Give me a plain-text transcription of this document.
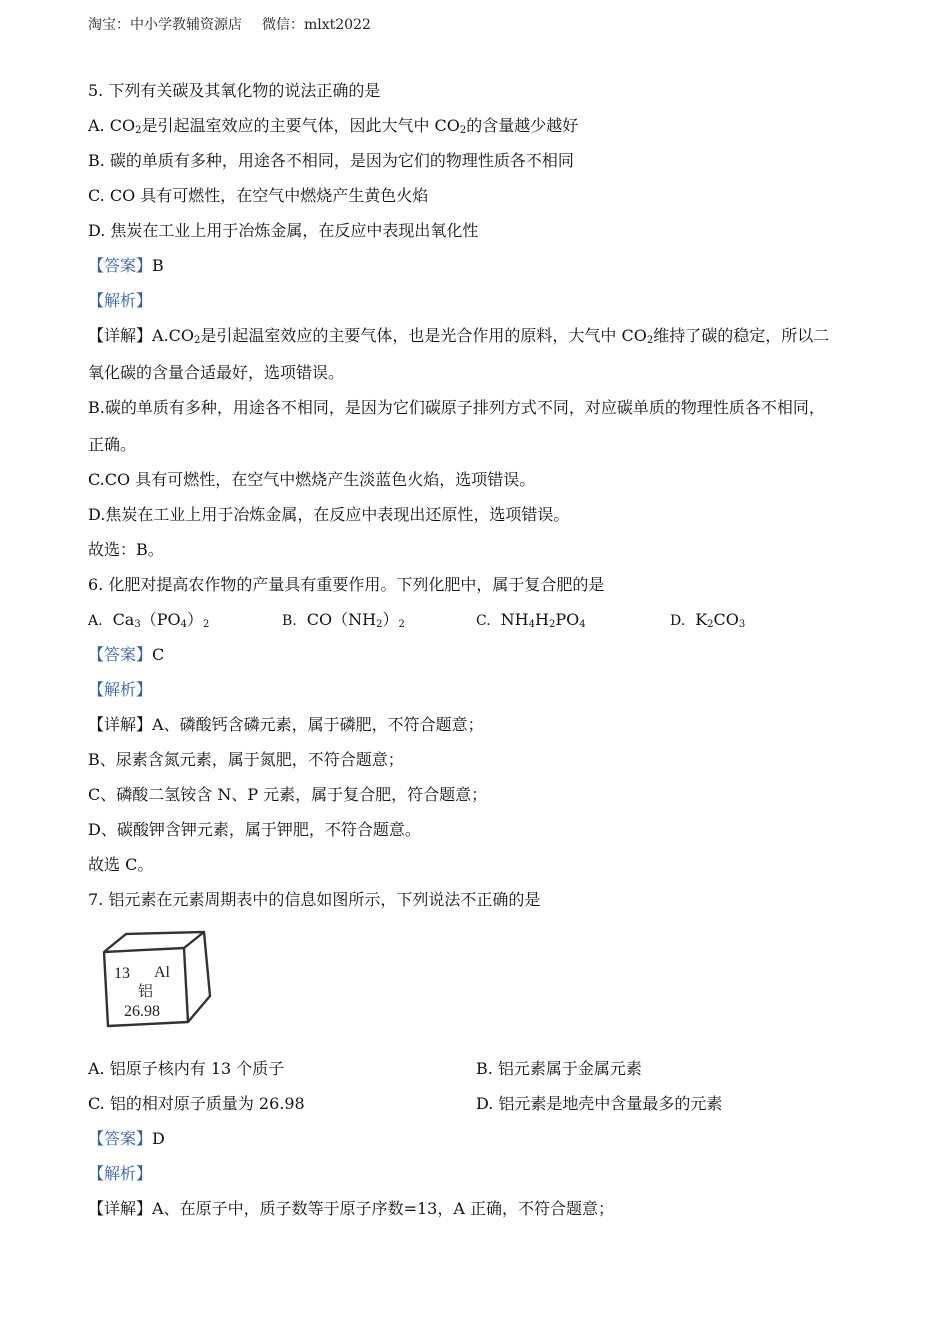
淘宝：中小学教辅资源店 微信：mlxt2022
5. 下列有关碳及其氧化物的说法正确的是
A. $CO_2$是引起温室效应的主要气体，因此大气中 $CO_2$的含量越少越好
B. 碳的单质有多种，用途各不相同，是因为它们的物理性质各不相同
C. CO 具有可燃性，在空气中燃烧产生黄色火焰
D. 焦炭在工业上用于冶炼金属，在反应中表现出氧化性
【答案】B
【解析】
【详解】$A.CO_2$是引起温室效应的主要气体，也是光合作用的原料，大气中 $CO_2$维持了碳的稳定，所以二
氧化碳的含量合适最好，选项错误。
B.碳的单质有多种，用途各不相同，是因为它们碳原子排列方式不同，对应碳单质的物理性质各不相同，
正确。
C.CO 具有可燃性，在空气中燃烧产生淡蓝色火焰，选项错误。
D.焦炭在工业上用于冶炼金属，在反应中表现出还原性，选项错误。
故选：B。
6. 化肥对提高农作物的产量具有重要作用。下列化肥中，属于复合肥的是
A. $Ca_3(PO_4)_2$	B. $CO(NH_2)_2$	C. $NH_4H_2PO_4$	D. $K_2CO_3$
【答案】C
【解析】
【详解】A、磷酸钙含磷元素，属于磷肥，不符合题意；
B、尿素含氮元素，属于氮肥，不符合题意；
C、磷酸二氢铵含 N、P 元素，属于复合肥，符合题意；
D、碳酸钾含钾元素，属于钾肥，不符合题意。
故选 C。
7. 铝元素在元素周期表中的信息如图所示，下列说法不正确的是
13 Al
铝
26.98
A. 铝原子核内有 13 个质子	B. 铝元素属于金属元素
C. 铝的相对原子质量为 26.98	D. 铝元素是地壳中含量最多的元素
【答案】D
【解析】
【详解】A、在原子中，质子数等于原子序数=13，A 正确，不符合题意；
